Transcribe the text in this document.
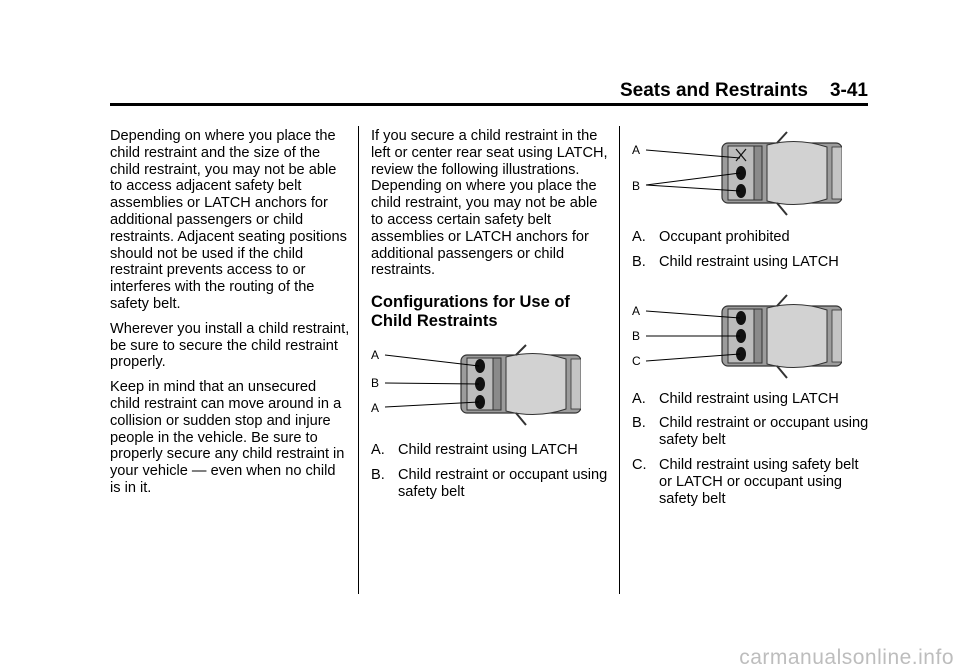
Seats and Restraints 3-41

Depending on where you place the child restraint and the size of the child restraint, you may not be able to access adjacent safety belt assemblies or LATCH anchors for additional passengers or child restraints. Adjacent seating positions should not be used if the child restraint prevents access to or interferes with the routing of the safety belt.

Wherever you install a child restraint, be sure to secure the child restraint properly.

Keep in mind that an unsecured child restraint can move around in a collision or sudden stop and injure people in the vehicle. Be sure to properly secure any child restraint in your vehicle — even when no child is in it.

If you secure a child restraint in the left or center rear seat using LATCH, review the following illustrations. Depending on where you place the child restraint, you may not be able to access certain safety belt assemblies or LATCH anchors for additional passengers or child restraints.

Configurations for Use of Child Restraints
A
B
A

A. Child restraint using LATCH

B. Child restraint or occupant using safety belt

A
B

A. Occupant prohibited

B. Child restraint using LATCH

A
B
C

A. Child restraint using LATCH

B. Child restraint or occupant using safety belt

C. Child restraint using safety belt or LATCH or occupant using safety belt

carmanualsonline.info
